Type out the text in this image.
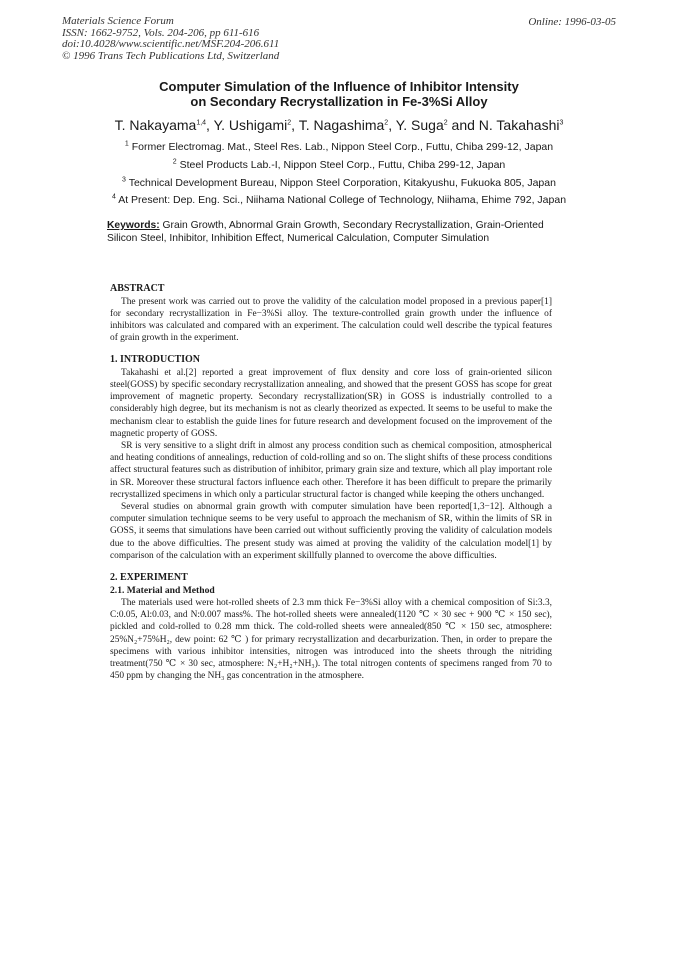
Materials Science Forum
ISSN: 1662-9752, Vols. 204-206, pp 611-616
doi:10.4028/www.scientific.net/MSF.204-206.611
© 1996 Trans Tech Publications Ltd, Switzerland
Online: 1996-03-05
Computer Simulation of the Influence of Inhibitor Intensity
on Secondary Recrystallization in Fe-3%Si Alloy
T. Nakayama$^{1,4}$, Y. Ushigami$^2$, T. Nagashima$^2$, Y. Suga$^2$ and N. Takahashi$^3$
$^1$ Former Electromag. Mat., Steel Res. Lab., Nippon Steel Corp., Futtu, Chiba 299-12, Japan
$^2$ Steel Products Lab.-I, Nippon Steel Corp., Futtu, Chiba 299-12, Japan
$^3$ Technical Development Bureau, Nippon Steel Corporation, Kitakyushu, Fukuoka 805, Japan
$^4$ At Present: Dep. Eng. Sci., Niihama National College of Technology, Niihama, Ehime 792, Japan
Keywords: Grain Growth, Abnormal Grain Growth, Secondary Recrystallization, Grain-Oriented Silicon Steel, Inhibitor, Inhibition Effect, Numerical Calculation, Computer Simulation
ABSTRACT

The present work was carried out to prove the validity of the calculation model proposed in a previous paper[1] for secondary recrystallization in Fe−3%Si alloy. The texture-controlled grain growth under the influence of inhibitors was calculated and compared with an experiment. The calculation could well describe the typical features of grain growth in the experiment.

1. INTRODUCTION

Takahashi et al.[2] reported a great improvement of flux density and core loss of grain-oriented silicon steel(GOSS) by specific secondary recrystallization annealing, and showed that the present GOSS has scope for great improvement of magnetic property. Secondary recrystallization(SR) in GOSS is industrially controlled to a considerably high degree, but its mechanism is not as clearly theorized as expected. It seems to be useful to make the mechanism clear to establish the guide lines for future research and development focused on the improvement of the magnetic property of GOSS.

SR is very sensitive to a slight drift in almost any process condition such as chemical composition, atmospherical and heating conditions of annealings, reduction of cold-rolling and so on. The slight shifts of these process conditions affect structural features such as distribution of inhibitor, primary grain size and texture, which all play important role in SR. Moreover these structural factors influence each other. Therefore it has been difficult to prepare the primarily recrystallized specimens in which only a particular structural factor is changed while keeping the others unchanged.

Several studies on abnormal grain growth with computer simulation have been reported[1,3−12]. Although a computer simulation technique seems to be very useful to approach the mechanism of SR, within the limits of SR in GOSS, it seems that simulations have been carried out without sufficiently proving the validity of calculation models due to the above difficulties. The present study was aimed at proving the validity of the calculation model[1] by comparison of the calculation with an experiment skillfully planned to overcome the above difficulties.

2. EXPERIMENT
2.1. Material and Method

The materials used were hot-rolled sheets of 2.3 mm thick Fe−3%Si alloy with a chemical composition of Si:3.3, C:0.05, Al:0.03, and N:0.007 mass%. The hot-rolled sheets were annealed(1120 ℃ × 30 sec + 900 ℃ × 150 sec), pickled and cold-rolled to 0.28 mm thick. The cold-rolled sheets were annealed(850 ℃ × 150 sec, atmosphere: 25%N₂+75%H₂, dew point: 62 ℃ ) for primary recrystallization and decarburization. Then, in order to prepare the specimens with various inhibitor intensities, nitrogen was introduced into the sheets through the nitriding treatment(750 ℃ × 30 sec, atmosphere: N₂+H₂+NH₃). The total nitrogen contents of specimens ranged from 70 to 450 ppm by changing the NH₃ gas concentration in the atmosphere.
